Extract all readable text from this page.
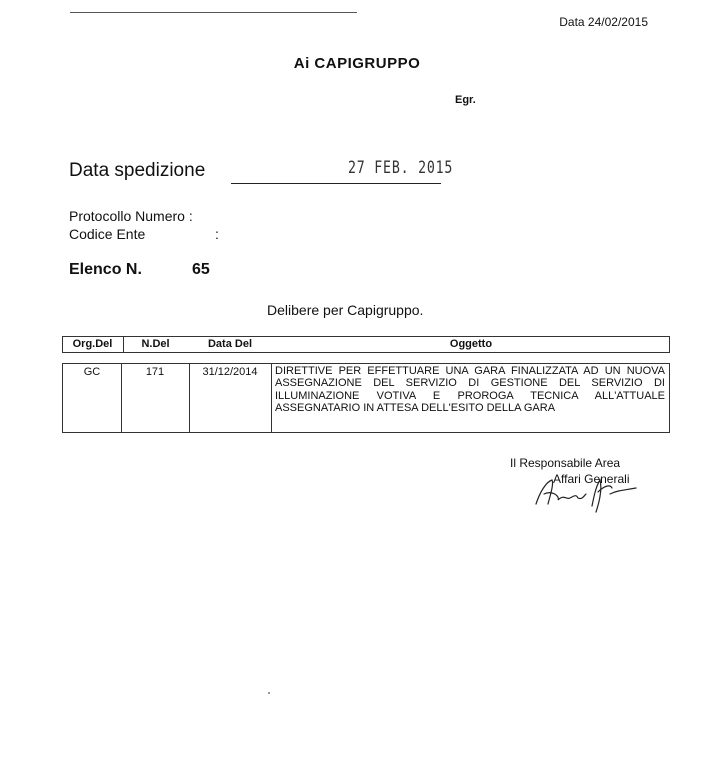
Data 24/02/2015
Ai CAPIGRUPPO
Egr.
Data spedizione	27 FEB. 2015
Protocollo Numero :
Codice Ente	:
Elenco N.	65
Delibere per Capigruppo.
Org.Del	N.Del	Data Del	Oggetto
GC	171	31/12/2014	DIRETTIVE PER EFFETTUARE UNA GARA FINALIZZATA AD UN NUOVA ASSEGNAZIONE DEL SERVIZIO DI GESTIONE DEL SERVIZIO DI ILLUMINAZIONE VOTIVA E PROROGA TECNICA ALL'ATTUALE ASSEGNATARIO IN ATTESA DELL'ESITO DELLA GARA
Il Responsabile Area
Affari Generali
